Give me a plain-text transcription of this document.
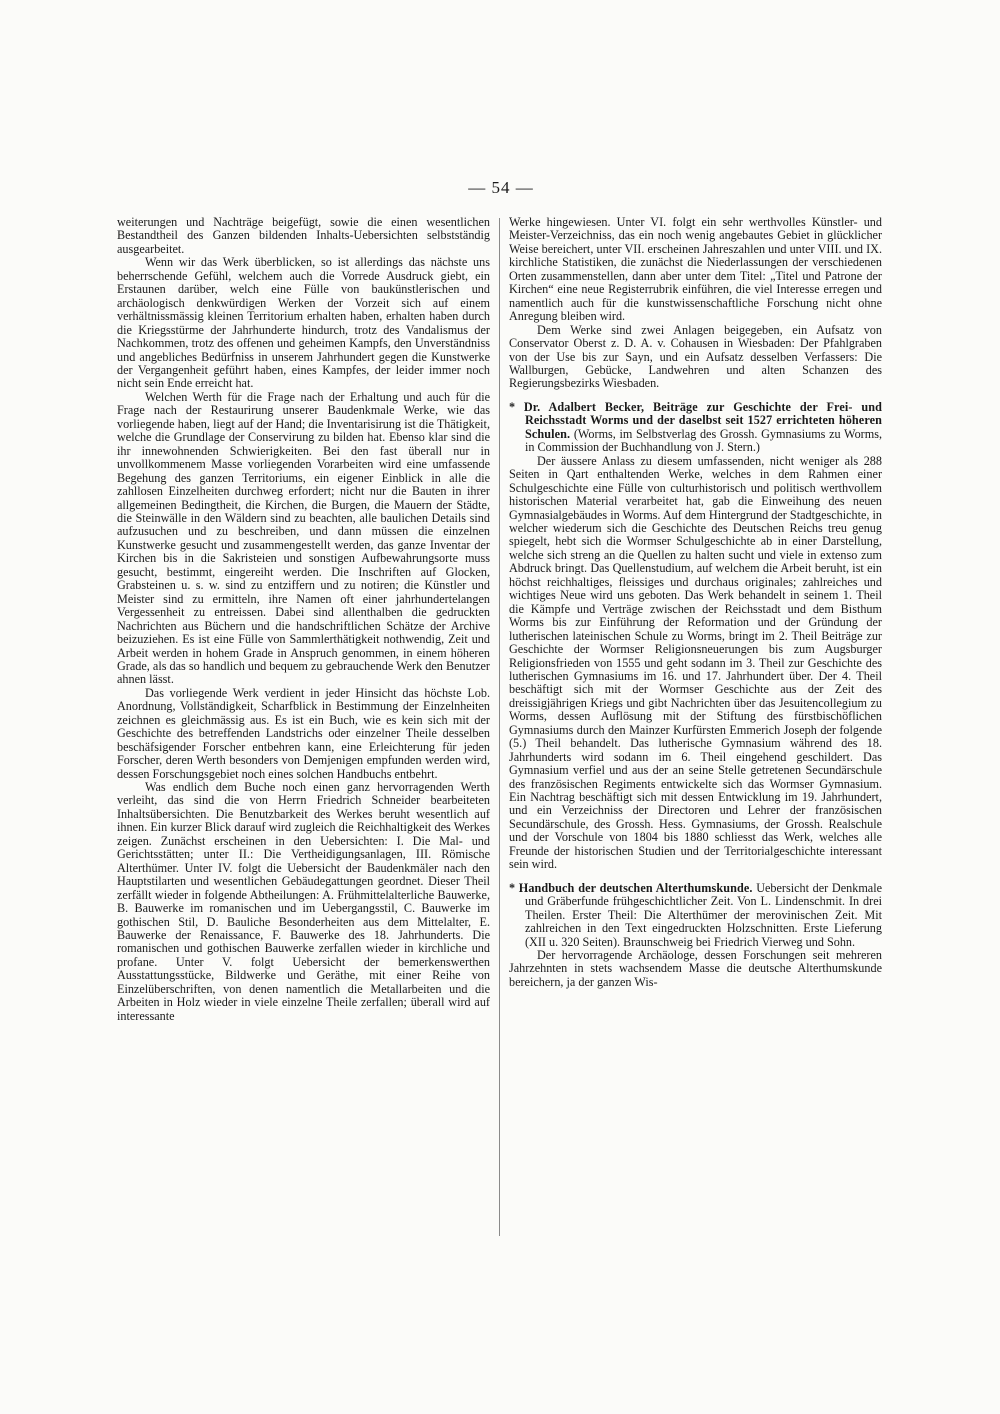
— 54 —

weiterungen und Nachträge beigefügt, sowie die einen wesentlichen Bestandtheil des Ganzen bildenden Inhalts-Uebersichten selbstständig ausgearbeitet.

Wenn wir das Werk überblicken, so ist allerdings das nächste uns beherrschende Gefühl, welchem auch die Vorrede Ausdruck giebt, ein Erstaunen darüber, welch eine Fülle von baukünstlerischen und archäologisch denkwürdigen Werken der Vorzeit sich auf einem verhältnissmässig kleinen Territorium erhalten haben, erhalten haben durch die Kriegsstürme der Jahrhunderte hindurch, trotz des Vandalismus der Nachkommen, trotz des offenen und geheimen Kampfs, den Unverständniss und angebliches Bedürfniss in unserem Jahrhundert gegen die Kunstwerke der Vergangenheit geführt haben, eines Kampfes, der leider immer noch nicht sein Ende erreicht hat.

Welchen Werth für die Frage nach der Erhaltung und auch für die Frage nach der Restaurirung unserer Baudenkmale Werke, wie das vorliegende haben, liegt auf der Hand; die Inventarisirung ist die Thätigkeit, welche die Grundlage der Conservirung zu bilden hat. Ebenso klar sind die ihr innewohnenden Schwierigkeiten. Bei den fast überall nur in unvollkommenem Masse vorliegenden Vorarbeiten wird eine umfassende Begehung des ganzen Territoriums, ein eigener Einblick in alle die zahllosen Einzelheiten durchweg erfordert; nicht nur die Bauten in ihrer allgemeinen Bedingtheit, die Kirchen, die Burgen, die Mauern der Städte, die Steinwälle in den Wäldern sind zu beachten, alle baulichen Details sind aufzusuchen und zu beschreiben, und dann müssen die einzelnen Kunstwerke gesucht und zusammengestellt werden, das ganze Inventar der Kirchen bis in die Sakristeien und sonstigen Aufbewahrungsorte muss gesucht, bestimmt, eingereiht werden. Die Inschriften auf Glocken, Grabsteinen u. s. w. sind zu entziffern und zu notiren; die Künstler und Meister sind zu ermitteln, ihre Namen oft einer jahrhundertelangen Vergessenheit zu entreissen. Dabei sind allenthalben die gedruckten Nachrichten aus Büchern und die handschriftlichen Schätze der Archive beizuziehen. Es ist eine Fülle von Sammlerthätigkeit nothwendig, Zeit und Arbeit werden in hohem Grade in Anspruch genommen, in einem höheren Grade, als das so handlich und bequem zu gebrauchende Werk den Benutzer ahnen lässt.

Das vorliegende Werk verdient in jeder Hinsicht das höchste Lob. Anordnung, Vollständigkeit, Scharfblick in Bestimmung der Einzelnheiten zeichnen es gleichmässig aus. Es ist ein Buch, wie es kein sich mit der Geschichte des betreffenden Landstrichs oder einzelner Theile desselben beschäfsigender Forscher entbehren kann, eine Erleichterung für jeden Forscher, deren Werth besonders von Demjenigen empfunden werden wird, dessen Forschungsgebiet noch eines solchen Handbuchs entbehrt.

Was endlich dem Buche noch einen ganz hervorragenden Werth verleiht, das sind die von Herrn Friedrich Schneider bearbeiteten Inhaltsübersichten. Die Benutzbarkeit des Werkes beruht wesentlich auf ihnen. Ein kurzer Blick darauf wird zugleich die Reichhaltigkeit des Werkes zeigen. Zunächst erscheinen in den Uebersichten: I. Die Mal- und Gerichtsstätten; unter II.: Die Vertheidigungsanlagen, III. Römische Alterthümer. Unter IV. folgt die Uebersicht der Baudenkmäler nach den Hauptstilarten und wesentlichen Gebäudegattungen geordnet. Dieser Theil zerfällt wieder in folgende Abtheilungen: A. Frühmittelalterliche Bauwerke, B. Bauwerke im romanischen und im Uebergangsstil, C. Bauwerke im gothischen Stil, D. Bauliche Besonderheiten aus dem Mittelalter, E. Bauwerke der Renaissance, F. Bauwerke des 18. Jahrhunderts. Die romanischen und gothischen Bauwerke zerfallen wieder in kirchliche und profane. Unter V. folgt Uebersicht der bemerkenswerthen Ausstattungsstücke, Bildwerke und Geräthe, mit einer Reihe von Einzelüberschriften, von denen namentlich die Metallarbeiten und die Arbeiten in Holz wieder in viele einzelne Theile zerfallen; überall wird auf interessante

Werke hingewiesen. Unter VI. folgt ein sehr werthvolles Künstler- und Meister-Verzeichniss, das ein noch wenig angebautes Gebiet in glücklicher Weise bereichert, unter VII. erscheinen Jahreszahlen und unter VIII. und IX. kirchliche Statistiken, die zunächst die Niederlassungen der verschiedenen Orten zusammenstellen, dann aber unter dem Titel: „Titel und Patrone der Kirchen“ eine neue Registerrubrik einführen, die viel Interesse erregen und namentlich auch für die kunstwissenschaftliche Forschung nicht ohne Anregung bleiben wird.

Dem Werke sind zwei Anlagen beigegeben, ein Aufsatz von Conservator Oberst z. D. A. v. Cohausen in Wiesbaden: Der Pfahlgraben von der Use bis zur Sayn, und ein Aufsatz desselben Verfassers: Die Wallburgen, Gebücke, Landwehren und alten Schanzen des Regierungsbezirks Wiesbaden.

* Dr. Adalbert Becker, Beiträge zur Geschichte der Frei- und Reichsstadt Worms und der daselbst seit 1527 errichteten höheren Schulen. (Worms, im Selbstverlag des Grossh. Gymnasiums zu Worms, in Commission der Buchhandlung von J. Stern.)

Der äussere Anlass zu diesem umfassenden, nicht weniger als 288 Seiten in Qart enthaltenden Werke, welches in dem Rahmen einer Schulgeschichte eine Fülle von culturhistorisch und politisch werthvollem historischen Material verarbeitet hat, gab die Einweihung des neuen Gymnasialgebäudes in Worms. Auf dem Hintergrund der Stadtgeschichte, in welcher wiederum sich die Geschichte des Deutschen Reichs treu genug spiegelt, hebt sich die Wormser Schulgeschichte ab in einer Darstellung, welche sich streng an die Quellen zu halten sucht und viele in extenso zum Abdruck bringt. Das Quellenstudium, auf welchem die Arbeit beruht, ist ein höchst reichhaltiges, fleissiges und durchaus originales; zahlreiches und wichtiges Neue wird uns geboten. Das Werk behandelt in seinem 1. Theil die Kämpfe und Verträge zwischen der Reichsstadt und dem Bisthum Worms bis zur Einführung der Reformation und der Gründung der lutherischen lateinischen Schule zu Worms, bringt im 2. Theil Beiträge zur Geschichte der Wormser Religionsneuerungen bis zum Augsburger Religionsfrieden von 1555 und geht sodann im 3. Theil zur Geschichte des lutherischen Gymnasiums im 16. und 17. Jahrhundert über. Der 4. Theil beschäftigt sich mit der Wormser Geschichte aus der Zeit des dreissigjährigen Kriegs und gibt Nachrichten über das Jesuitencollegium zu Worms, dessen Auflösung mit der Stiftung des fürstbischöflichen Gymnasiums durch den Mainzer Kurfürsten Emmerich Joseph der folgende (5.) Theil behandelt. Das lutherische Gymnasium während des 18. Jahrhunderts wird sodann im 6. Theil eingehend geschildert. Das Gymnasium verfiel und aus der an seine Stelle getretenen Secundärschule des französischen Regiments entwickelte sich das Wormser Gymnasium. Ein Nachtrag beschäftigt sich mit dessen Entwicklung im 19. Jahrhundert, und ein Verzeichniss der Directoren und Lehrer der französischen Secundärschule, des Grossh. Hess. Gymnasiums, der Grossh. Realschule und der Vorschule von 1804 bis 1880 schliesst das Werk, welches alle Freunde der historischen Studien und der Territorialgeschichte interessant sein wird.

* Handbuch der deutschen Alterthumskunde. Uebersicht der Denkmale und Gräberfunde frühgeschichtlicher Zeit. Von L. Lindenschmit. In drei Theilen. Erster Theil: Die Alterthümer der merovinischen Zeit. Mit zahlreichen in den Text eingedruckten Holzschnitten. Erste Lieferung (XII u. 320 Seiten). Braunschweig bei Friedrich Vierweg und Sohn.

Der hervorragende Archäologe, dessen Forschungen seit mehreren Jahrzehnten in stets wachsendem Masse die deutsche Alterthumskunde bereichern, ja der ganzen Wis-
